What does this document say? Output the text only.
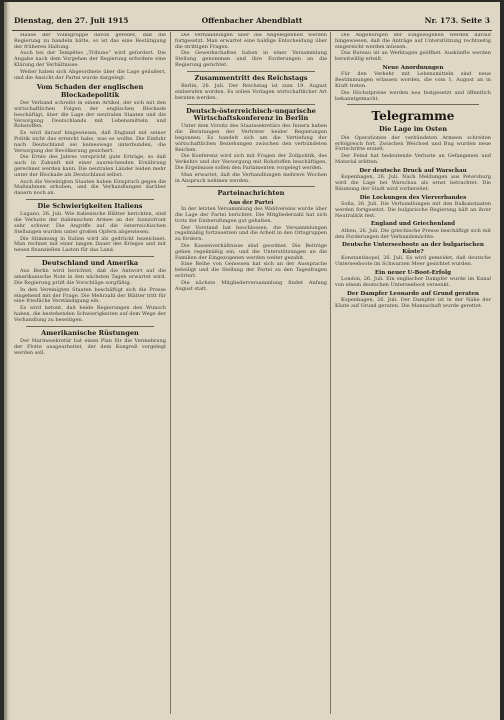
Dienstag, den 27. Juli 1915	Offenbacher Abendblatt	Nr. 173. Seite 3

Hause der Volksgruppe davon geredet, daß die Regierung zu handeln hätte, so ist das eine Bestätigung der früheren Haltung.

Auch bei der Tempêtes „Tribune“ wird gefordert. Die Angabe nach dem Vorgehen der Regierung erfordere eine Klärung der Verhältnisse.

Weiter haben sich Abgeordnete über die Lage geäußert, und die Ansicht der Partei wurde dargelegt.

Vom Schaden der englischen Blockadepolitik

Der Verband schreibt in einem Artikel, der sich mit den wirtschaftlichen Folgen der englischen Blockade beschäftigt, über die Lage der neutralen Staaten und die Versorgung Deutschlands mit Lebensmitteln und Rohstoffen.

Es wird darauf hingewiesen, daß England mit seiner Politik nicht das erreicht habe, was es wollte. Die Einfuhr nach Deutschland sei keineswegs unterbunden, die Versorgung der Bevölkerung gesichert.

Die Ernte des Jahres verspricht gute Erträge, so daß auch in Zukunft mit einer ausreichenden Ernährung gerechnet werden kann. Die neutralen Länder leiden mehr unter der Blockade als Deutschland selbst.

Auch die Vereinigten Staaten haben Einspruch gegen die Maßnahmen erhoben, und die Verhandlungen darüber dauern noch an.

Die Schwierigkeiten Italiens

Lugano, 26. Juli. Wie italienische Blätter berichten, sind die Verluste der italienischen Armee an der Isonzofront sehr schwer. Die Angriffe auf die österreichischen Stellungen wurden unter großen Opfern abgewiesen.

Die Stimmung in Italien wird als gedrückt bezeichnet. Man rechnet mit einer langen Dauer des Krieges und mit neuen finanziellen Lasten für das Land.

Deutschland und Amerika

Aus Berlin wird berichtet, daß die Antwort auf die amerikanische Note in den nächsten Tagen erwartet wird. Die Regierung prüft die Vorschläge sorgfältig.

In den Vereinigten Staaten beschäftigt sich die Presse eingehend mit der Frage. Die Mehrzahl der Blätter tritt für eine friedliche Verständigung ein.

Es wird betont, daß beide Regierungen den Wunsch haben, die bestehenden Schwierigkeiten auf dem Wege der Verhandlung zu beseitigen.

Amerikanische Rüstungen

Der Marinesekretär hat einen Plan für die Vermehrung der Flotte ausgearbeitet, der dem Kongreß vorgelegt werden soll.

Die Verhandlungen über die Angelegenheit werden fortgesetzt. Man erwartet eine baldige Entscheidung über die strittigen Fragen.

Die Gewerkschaften haben in einer Versammlung Stellung genommen und ihre Forderungen an die Regierung gerichtet.

Zusammentritt des Reichstags

Berlin, 26. Juli. Der Reichstag ist zum 19. August einberufen worden. Es sollen Vorlagen wirtschaftlicher Art beraten werden.

Deutsch-österreichisch-ungarische Wirtschaftskonferenz in Berlin

Unter dem Vorsitz des Staatssekretärs des Innern haben die Beratungen der Vertreter beider Regierungen begonnen. Es handelt sich um die Vertiefung der wirtschaftlichen Beziehungen zwischen den verbündeten Reichen.

Die Konferenz wird sich mit Fragen der Zollpolitik, des Verkehrs und der Versorgung mit Rohstoffen beschäftigen. Die Ergebnisse sollen den Parlamenten vorgelegt werden.

Man erwartet, daß die Verhandlungen mehrere Wochen in Anspruch nehmen werden.

Parteinachrichten
Aus der Partei

In der letzten Versammlung des Wahlvereins wurde über die Lage der Partei berichtet. Die Mitgliederzahl hat sich trotz der Einberufungen gut gehalten.

Der Vorstand hat beschlossen, die Versammlungen regelmäßig fortzusetzen und die Arbeit in den Ortsgruppen zu fördern.

Die Kassenverhältnisse sind geordnet. Die Beiträge gehen regelmäßig ein, und die Unterstützungen an die Familien der Eingezogenen werden weiter gezahlt.

Eine Reihe von Genossen hat sich an der Aussprache beteiligt und die Stellung der Partei zu den Tagesfragen erörtert.

Die nächste Mitgliederversammlung findet Anfang August statt.

Die Angehörigen der Eingezogenen werden darauf hingewiesen, daß die Anträge auf Unterstützung rechtzeitig eingereicht werden müssen.

Das Bureau ist an Werktagen geöffnet. Auskünfte werden bereitwillig erteilt.

Neue Anordnungen

Für den Verkehr mit Lebensmitteln sind neue Bestimmungen erlassen worden, die vom 1. August an in Kraft treten.

Die Höchstpreise werden neu festgesetzt und öffentlich bekanntgemacht.

Telegramme
Die Lage im Osten

Die Operationen der verbündeten Armeen schreiten erfolgreich fort. Zwischen Weichsel und Bug wurden neue Fortschritte erzielt.

Der Feind hat bedeutende Verluste an Gefangenen und Material erlitten.

Der deutsche Druck auf Warschau

Kopenhagen, 26. Juli. Nach Meldungen aus Petersburg wird die Lage bei Warschau als ernst betrachtet. Die Räumung der Stadt wird vorbereitet.

Die Lockungen des Vierverbandes

Sofia, 26. Juli. Die Verhandlungen mit den Balkanstaaten werden fortgesetzt. Die bulgarische Regierung hält an ihrer Neutralität fest.

England und Griechenland

Athen, 26. Juli. Die griechische Presse beschäftigt sich mit den Forderungen der Verbandsmächte.

Deutsche Unterseeboote an der bulgarischen Küste?

Konstantinopel, 26. Juli. Es wird gemeldet, daß deutsche Unterseeboote im Schwarzen Meer gesichtet wurden.

Ein neuer U-Boot-Erfolg

London, 26. Juli. Ein englischer Dampfer wurde im Kanal von einem deutschen Unterseeboot versenkt.

Der Dampfer Leonardo auf Grund geraten

Kopenhagen, 26. Juli. Der Dampfer ist in der Nähe der Küste auf Grund geraten. Die Mannschaft wurde gerettet.
